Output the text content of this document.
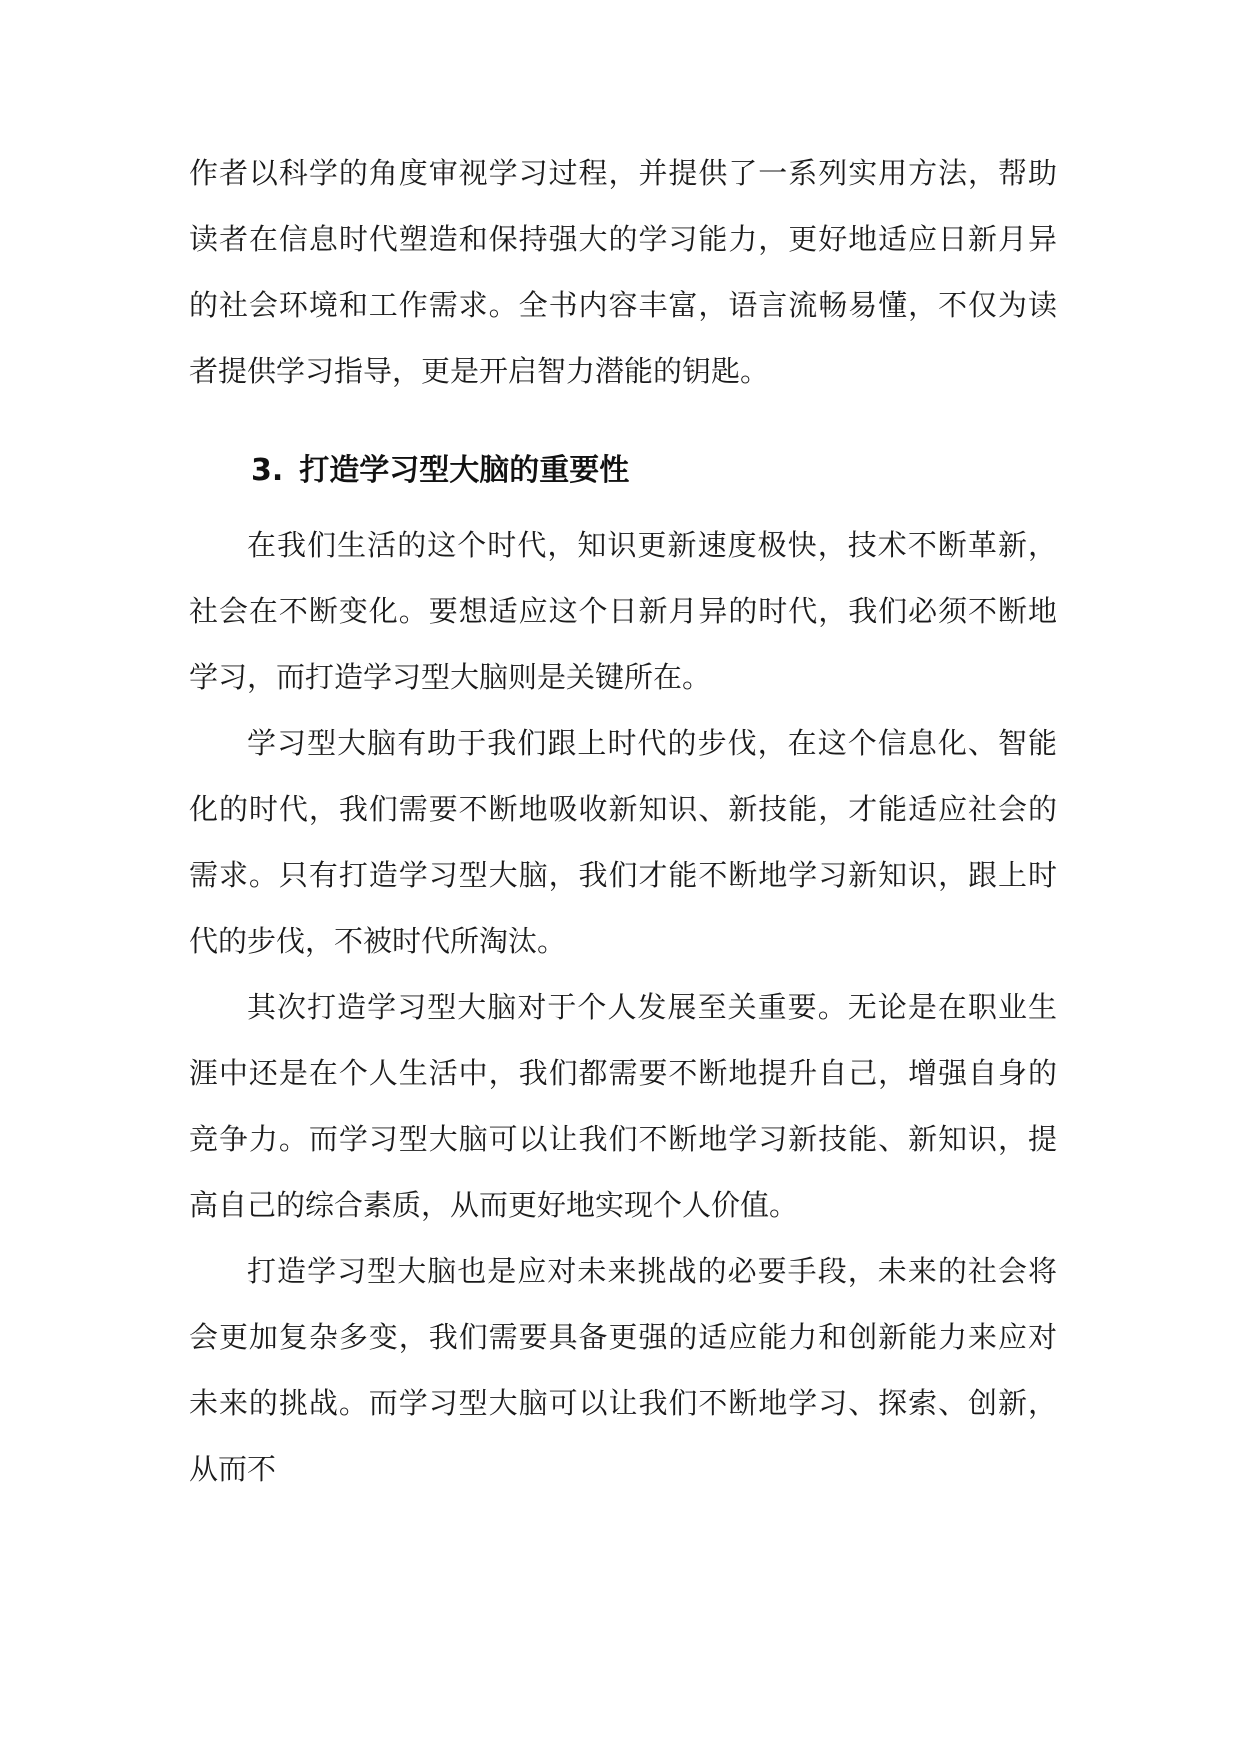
作者以科学的角度审视学习过程，并提供了一系列实用方法，帮助读者在信息时代塑造和保持强大的学习能力，更好地适应日新月异的社会环境和工作需求。全书内容丰富，语言流畅易懂，不仅为读者提供学习指导，更是开启智力潜能的钥匙。

3. 打造学习型大脑的重要性

在我们生活的这个时代，知识更新速度极快，技术不断革新，社会在不断变化。要想适应这个日新月异的时代，我们必须不断地学习，而打造学习型大脑则是关键所在。

学习型大脑有助于我们跟上时代的步伐，在这个信息化、智能化的时代，我们需要不断地吸收新知识、新技能，才能适应社会的需求。只有打造学习型大脑，我们才能不断地学习新知识，跟上时代的步伐，不被时代所淘汰。

其次打造学习型大脑对于个人发展至关重要。无论是在职业生涯中还是在个人生活中，我们都需要不断地提升自己，增强自身的竞争力。而学习型大脑可以让我们不断地学习新技能、新知识，提高自己的综合素质，从而更好地实现个人价值。

打造学习型大脑也是应对未来挑战的必要手段，未来的社会将会更加复杂多变，我们需要具备更强的适应能力和创新能力来应对未来的挑战。而学习型大脑可以让我们不断地学习、探索、创新，从而不
